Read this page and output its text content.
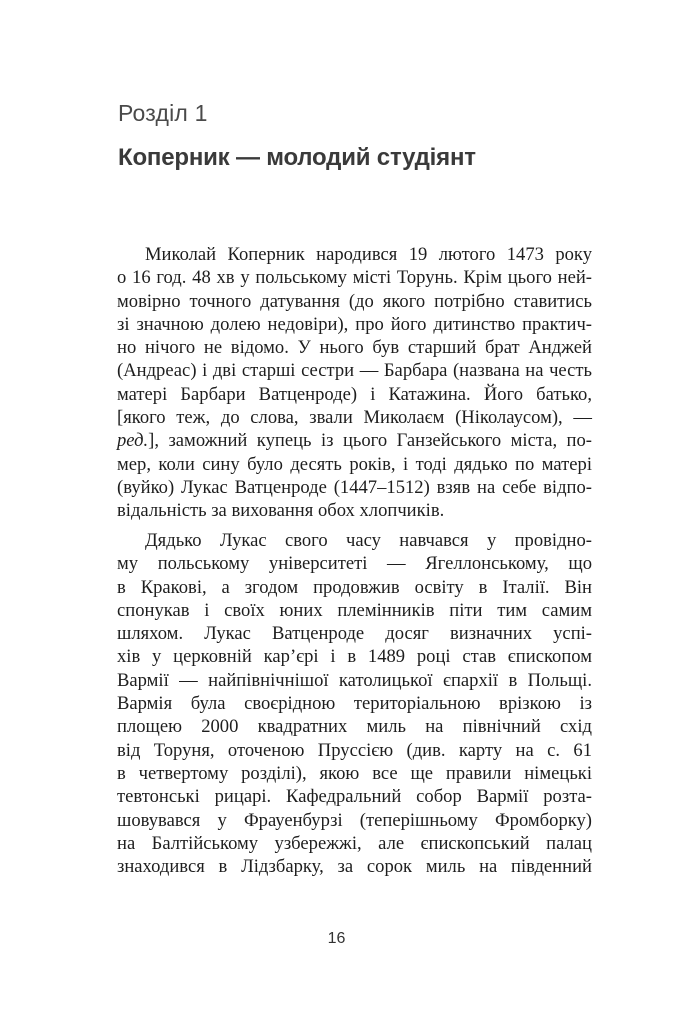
Розділ 1
Коперник — молодий студіянт
Миколай Коперник народився 19 лютого 1473 року
о 16 год. 48 хв у польському місті Торунь. Крім цього ней-
мовірно точного датування (до якого потрібно ставитись
зі значною долею недовіри), про його дитинство практич-
но нічого не відомо. У нього був старший брат Анджей
(Андреас) і дві старші сестри — Барбара (названа на честь
матері Барбари Ватценроде) і Катажина. Його батько,
[якого теж, до слова, звали Миколаєм (Ніколаусом), —
ред.], заможний купець із цього Ганзейського міста, по-
мер, коли сину було десять років, і тоді дядько по матері
(вуйко) Лукас Ватценроде (1447–1512) взяв на себе відпо-
відальність за виховання обох хлопчиків.
Дядько Лукас свого часу навчався у провідно-
му польському університеті — Ягеллонському, що
в Кракові, а згодом продовжив освіту в Італії. Він
спонукав і своїх юних племінників піти тим самим
шляхом. Лукас Ватценроде досяг визначних успі-
хів у церковній кар’єрі і в 1489 році став єпископом
Вармії — найпівнічнішої католицької єпархії в Польщі.
Вармія була своєрідною територіальною врізкою із
площею 2000 квадратних миль на північний схід
від Торуня, оточеною Пруссією (див. карту на с. 61
в четвертому розділі), якою все ще правили німецькі
тевтонські рицарі. Кафедральний собор Вармії розта-
шовувався у Фрауенбурзі (теперішньому Фромборку)
на Балтійському узбережжі, але єпископський палац
знаходився в Лідзбарку, за сорок миль на південний
16
